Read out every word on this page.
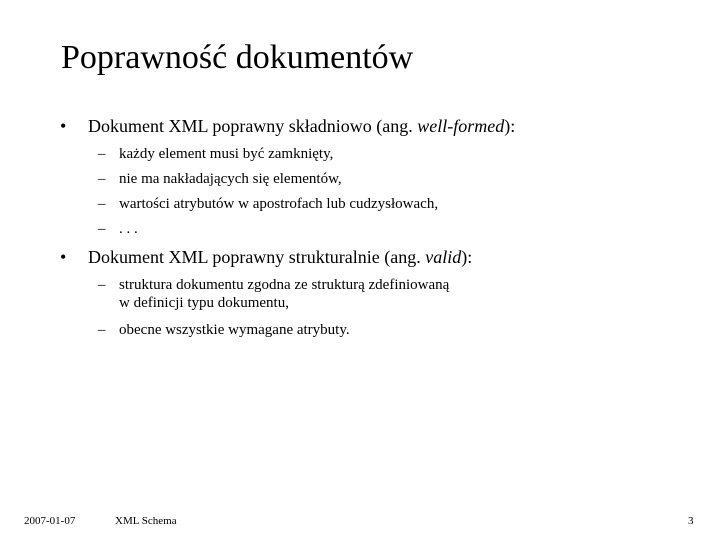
Poprawność dokumentów
• Dokument XML poprawny składniowo (ang. well-formed):
– każdy element musi być zamknięty,
– nie ma nakładających się elementów,
– wartości atrybutów w apostrofach lub cudzysłowach,
– . . .
• Dokument XML poprawny strukturalnie (ang. valid):
– struktura dokumentu zgodna ze strukturą zdefiniowaną
w definicji typu dokumentu,
– obecne wszystkie wymagane atrybuty.
2007-01-07	XML Schema	3
